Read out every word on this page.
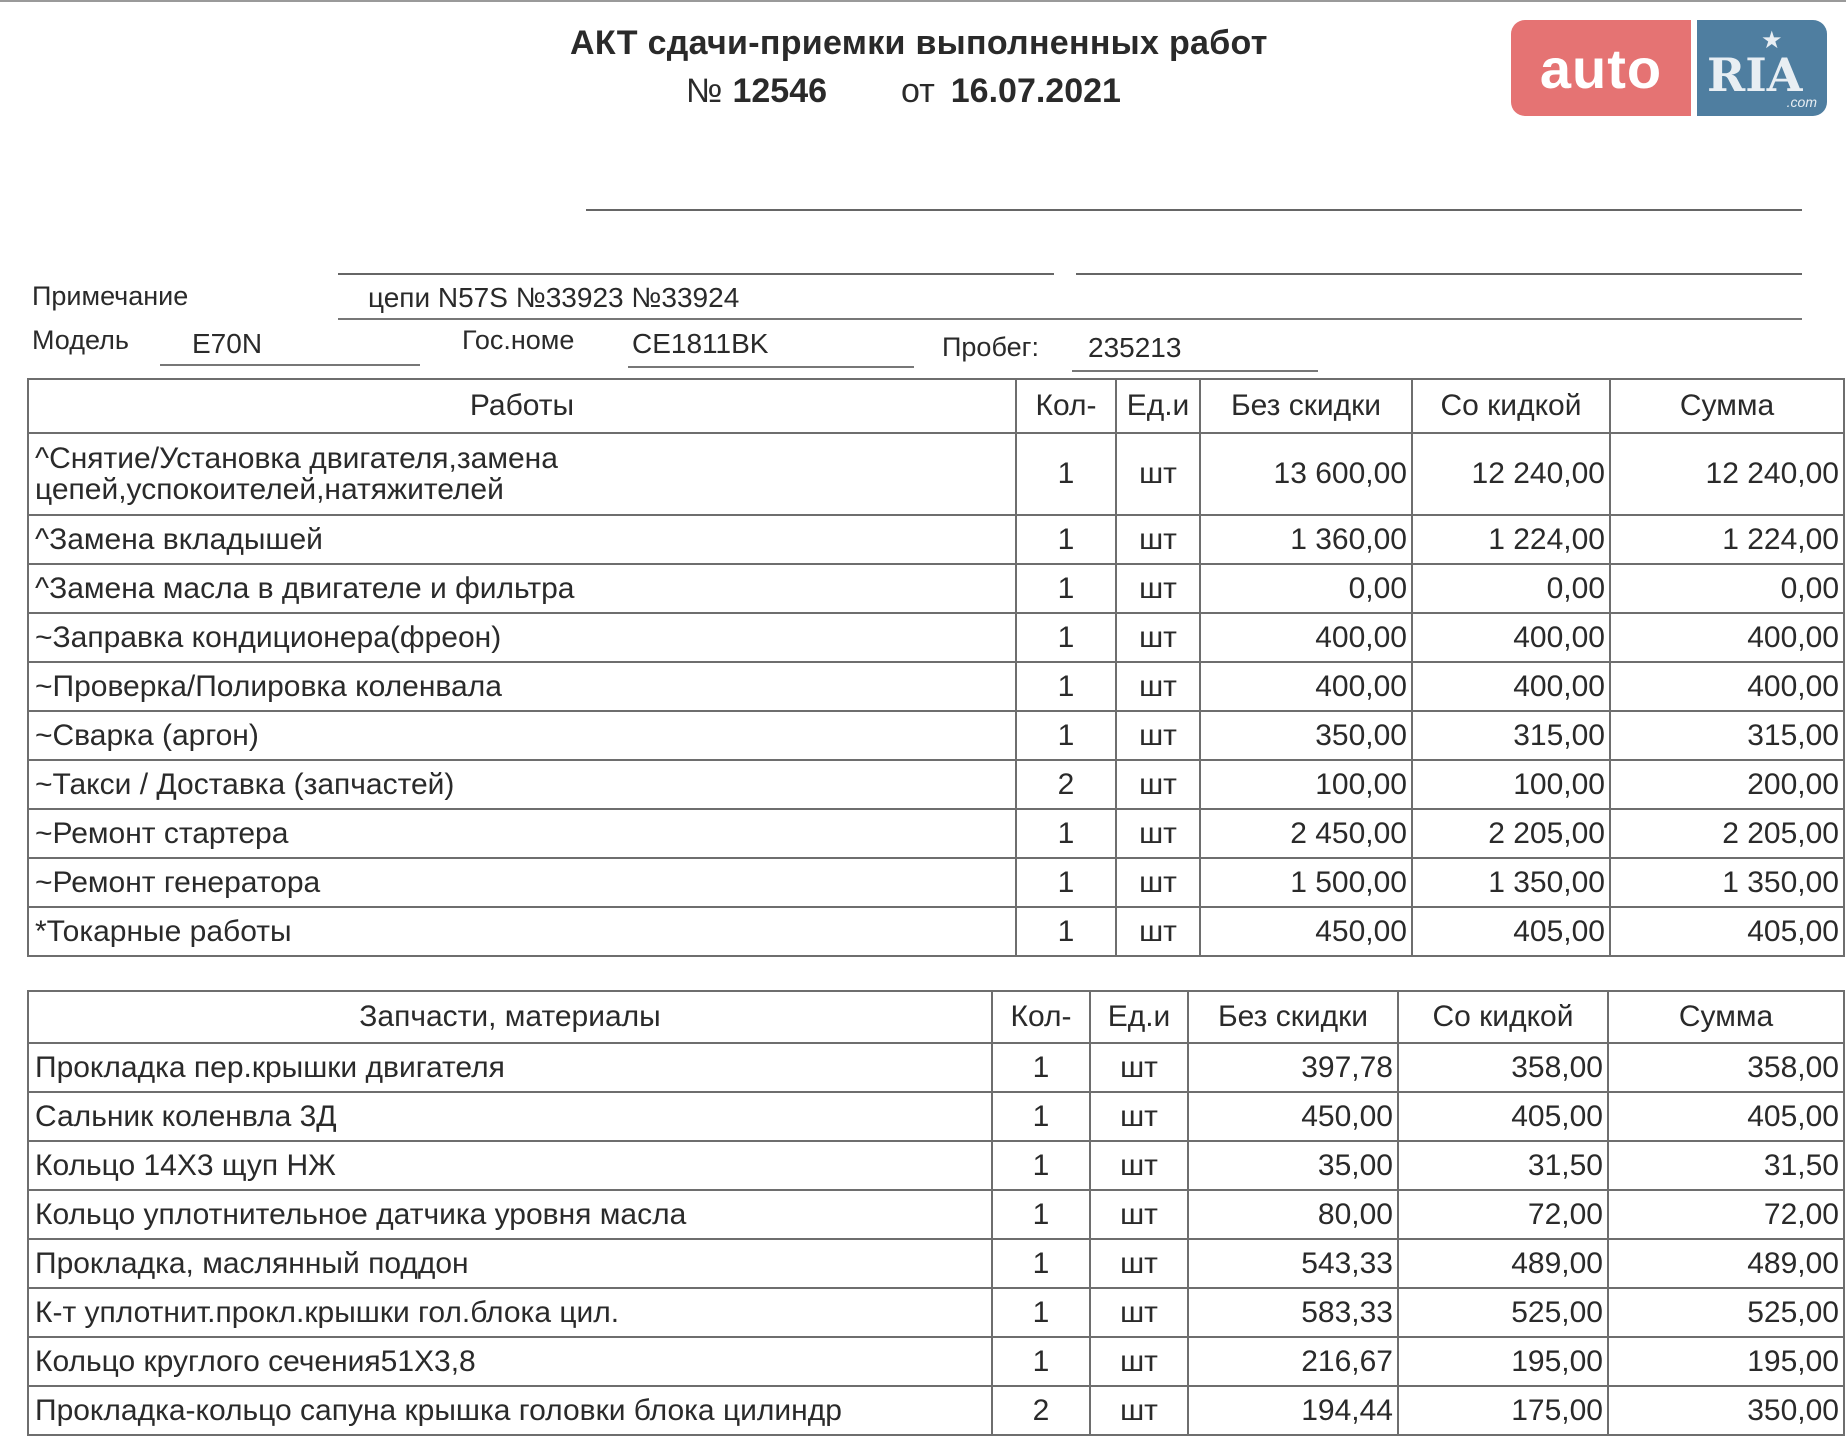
АКТ сдачи-приемки выполненных работ
№ 12546 от 16.07.2021	auto	★
RIA
.com
Примечание	цепи N57S №33923 №33924
Модель E70N	Гос.номе CE1811BK	Пробег: 235213
Работы	Кол-	Ед.и	Без скидки	Со кидкой	Сумма
^Снятие/Установка двигателя,замена цепей,успокоителей,натяжителей	1	шт	13 600,00	12 240,00	12 240,00
^Замена вкладышей	1	шт	1 360,00	1 224,00	1 224,00
^Замена масла в двигателе и фильтра	1	шт	0,00	0,00	0,00
~Заправка кондиционера(фреон)	1	шт	400,00	400,00	400,00
~Проверка/Полировка коленвала	1	шт	400,00	400,00	400,00
~Сварка (аргон)	1	шт	350,00	315,00	315,00
~Такси / Доставка (запчастей)	2	шт	100,00	100,00	200,00
~Ремонт стартера	1	шт	2 450,00	2 205,00	2 205,00
~Ремонт генератора	1	шт	1 500,00	1 350,00	1 350,00
*Токарные работы	1	шт	450,00	405,00	405,00
Запчасти, материалы	Кол-	Ед.и	Без скидки	Со кидкой	Сумма
Прокладка пер.крышки двигателя	1	шт	397,78	358,00	358,00
Сальник коленвла 3Д	1	шт	450,00	405,00	405,00
Кольцо 14X3 щуп НЖ	1	шт	35,00	31,50	31,50
Кольцо уплотнительное датчика уровня масла	1	шт	80,00	72,00	72,00
Прокладка, маслянный поддон	1	шт	543,33	489,00	489,00
К-т уплотнит.прокл.крышки гол.блока цил.	1	шт	583,33	525,00	525,00
Кольцо круглого сечения51X3,8	1	шт	216,67	195,00	195,00
Прокладка-кольцо сапуна крышка головки блока цилиндр	2	шт	194,44	175,00	350,00
